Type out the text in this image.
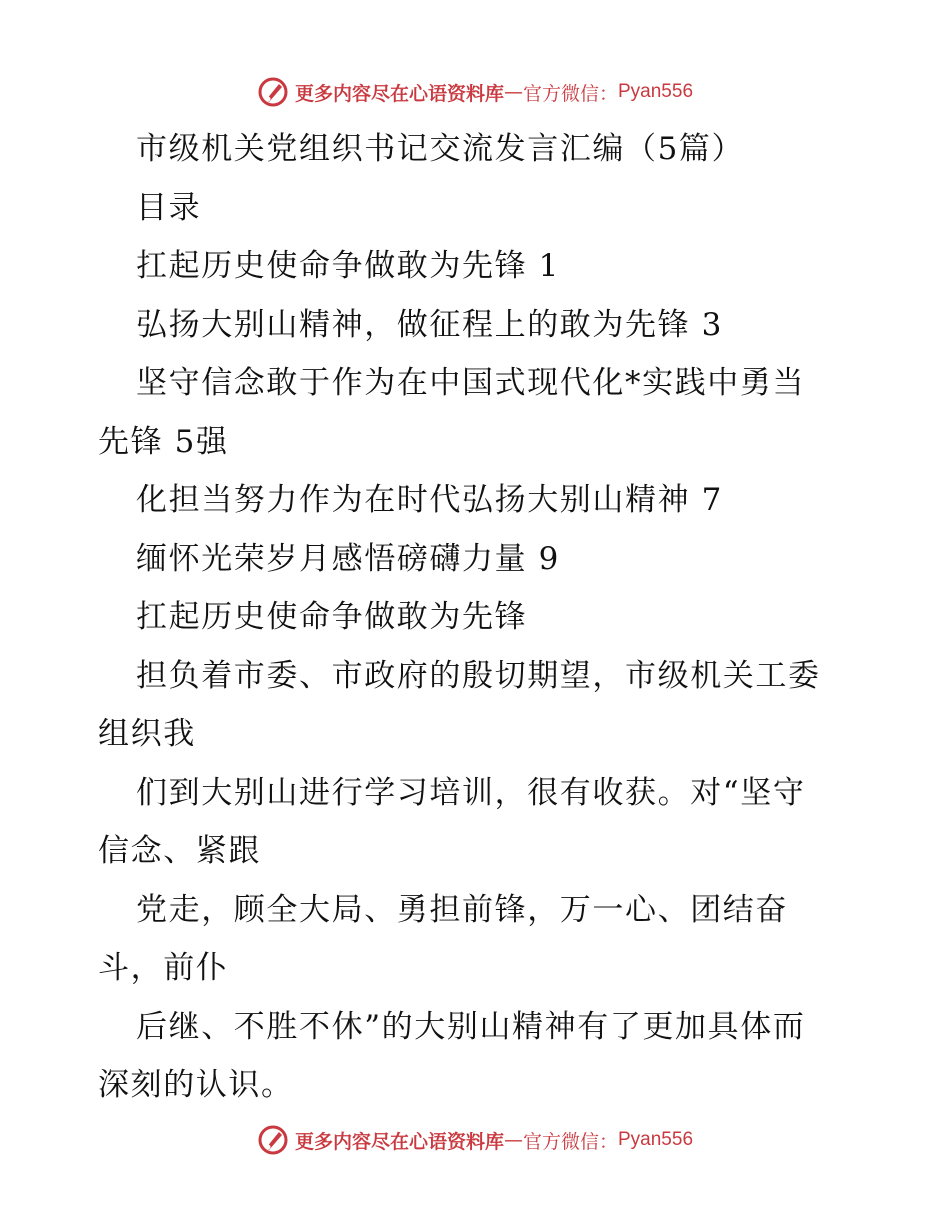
更多内容尽在心语资料库 — 官方微信： Pyan556
市级机关党组织书记交流发言汇编（5篇）
目录
扛起历史使命争做敢为先锋 1
弘扬大别山精神，做征程上的敢为先锋 3
坚守信念敢于作为在中国式现代化*实践中勇当
先锋 5强
化担当努力作为在时代弘扬大别山精神 7
缅怀光荣岁月感悟磅礴力量 9
扛起历史使命争做敢为先锋
担负着市委、市政府的殷切期望，市级机关工委
组织我
们到大别山进行学习培训，很有收获。对“坚守
信念、紧跟
党走，顾全大局、勇担前锋，万一心、团结奋
斗，前仆
后继、不胜不休”的大别山精神有了更加具体而
深刻的认识。
更多内容尽在心语资料库 — 官方微信： Pyan556
